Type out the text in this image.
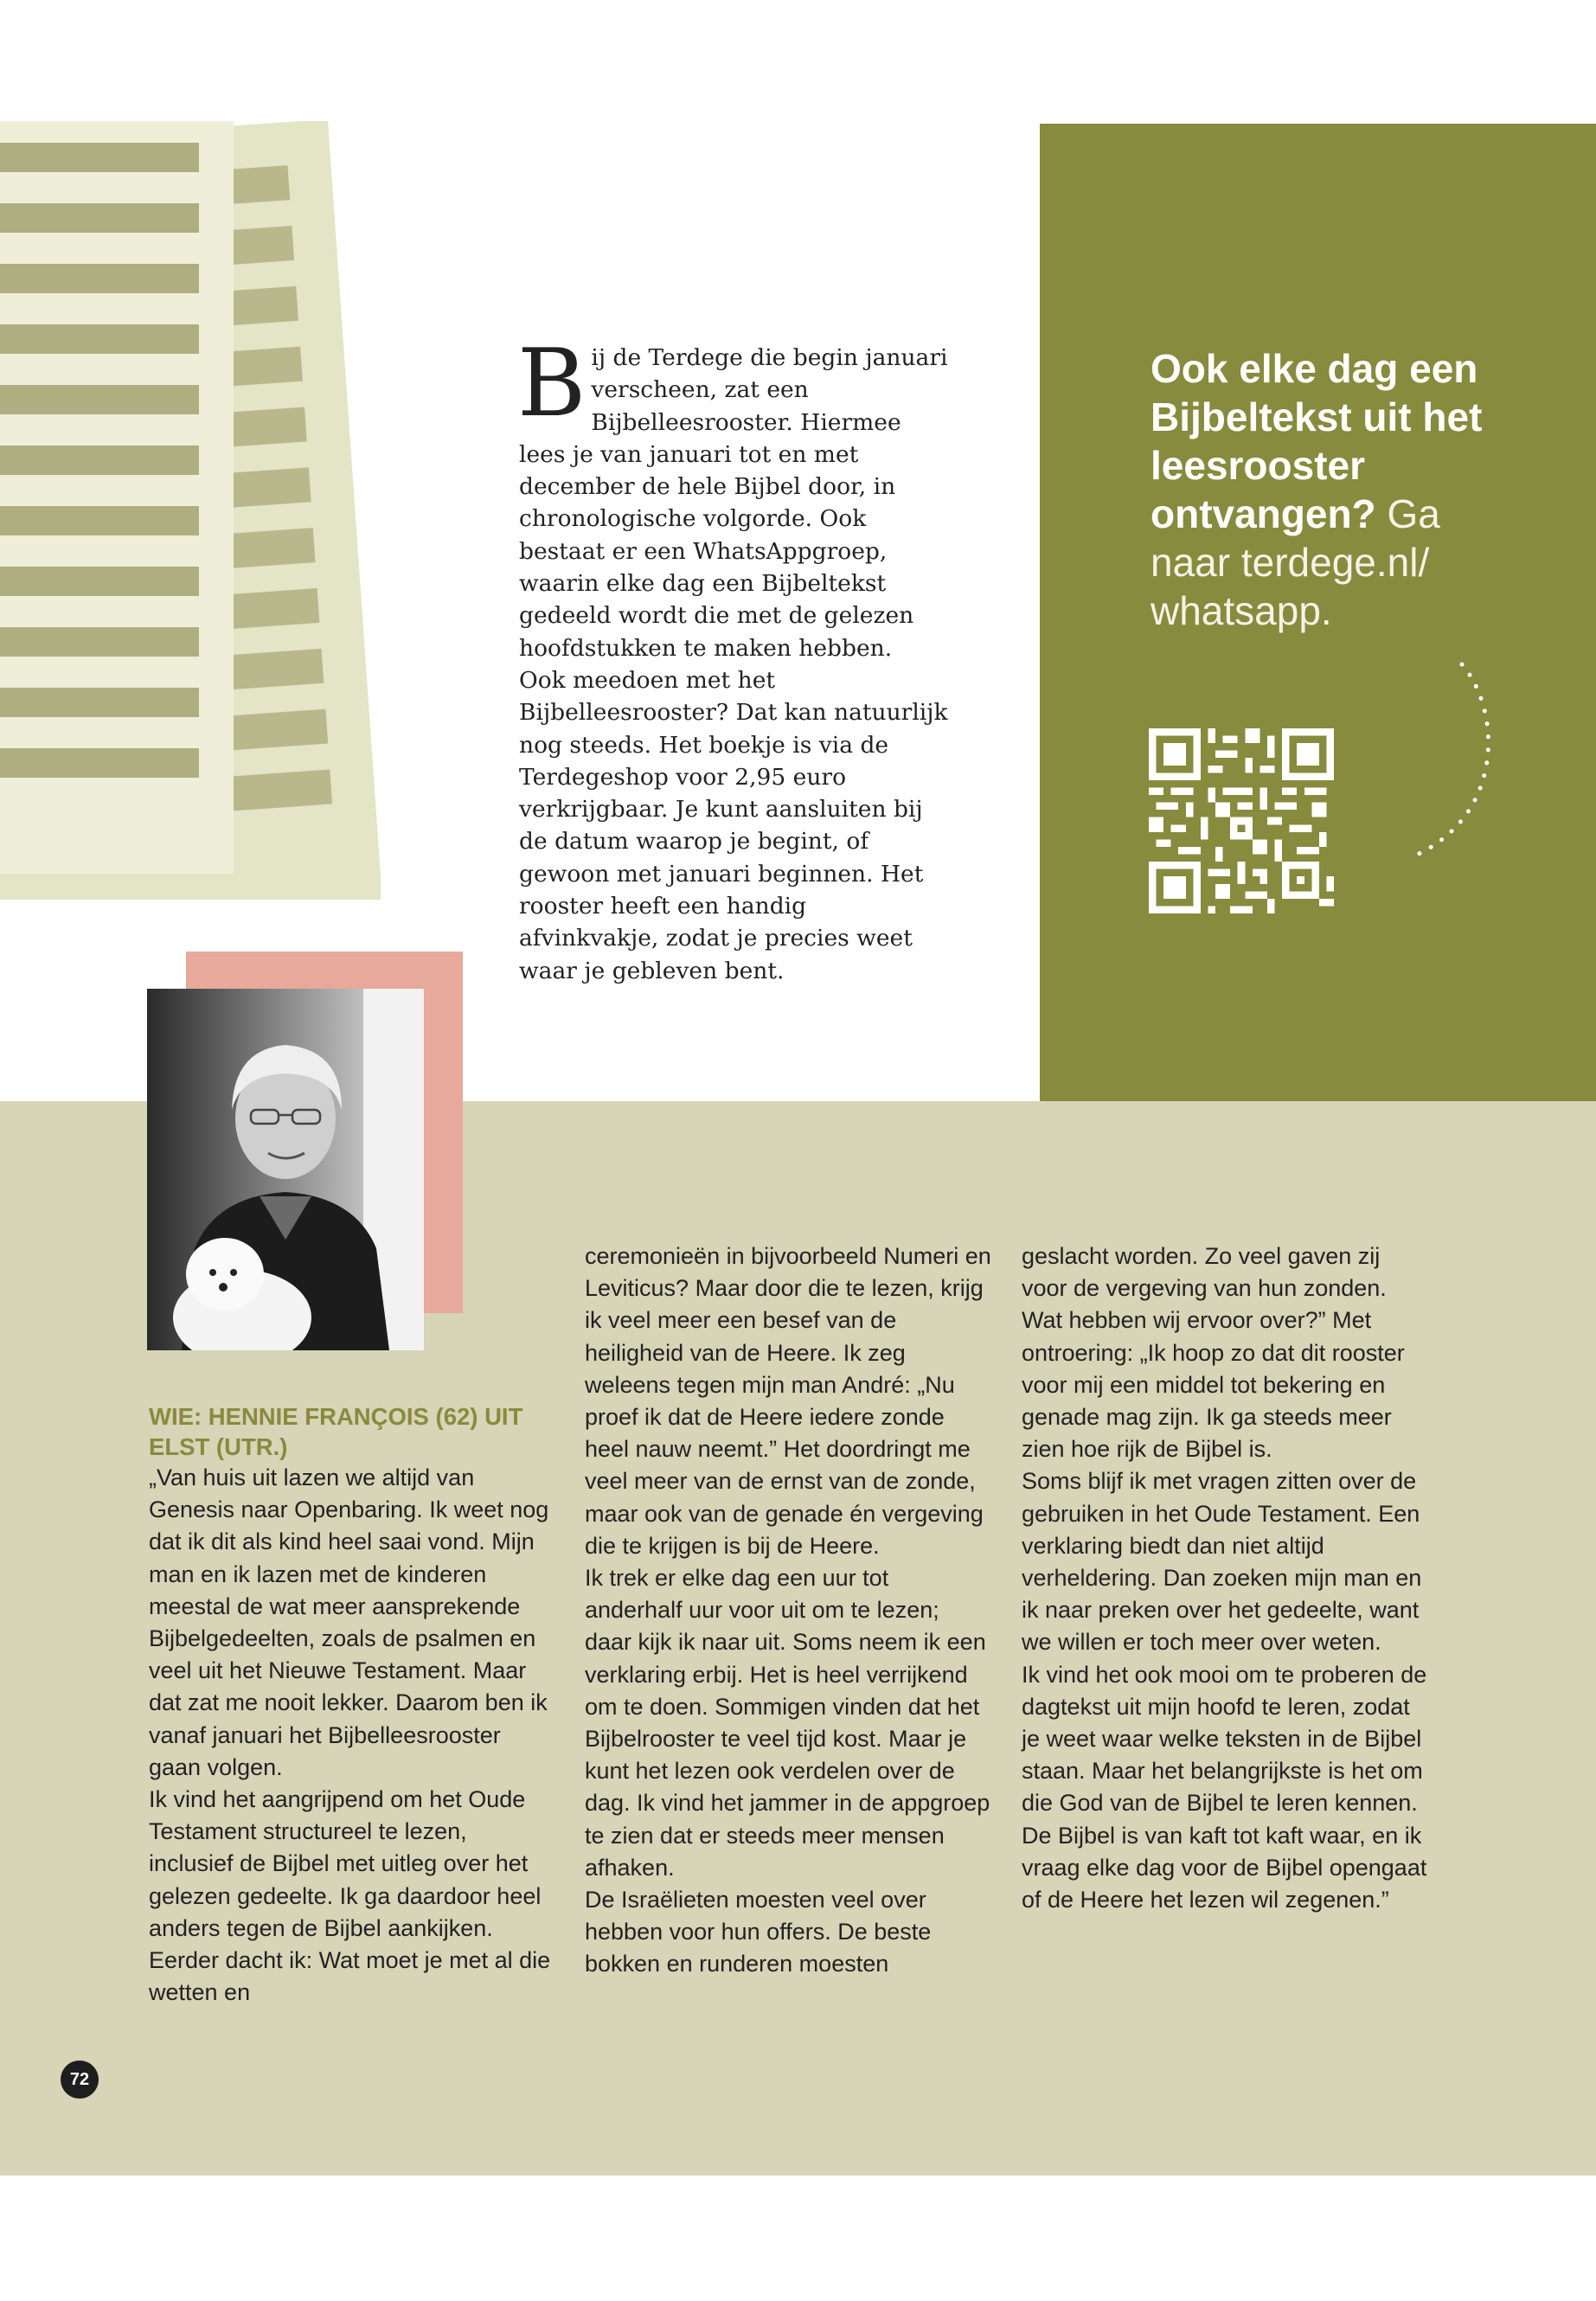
B ij de Terdege die begin januari verscheen, zat een Bijbelleesrooster. Hiermee lees je van januari tot en met december de hele Bijbel door, in chronologische volgorde. Ook bestaat er een WhatsAppgroep, waarin elke dag een Bijbeltekst gedeeld wordt die met de gelezen hoofdstukken te maken hebben.

Ook meedoen met het Bijbelleesrooster? Dat kan natuurlijk nog steeds. Het boekje is via de Terdegeshop voor 2,95 euro verkrijgbaar. Je kunt aansluiten bij de datum waarop je begint, of gewoon met januari beginnen. Het rooster heeft een handig afvinkvakje, zodat je precies weet waar je gebleven bent.

Ook elke dag een Bijbeltekst uit het leesrooster ontvangen? Ga naar terdege.nl/ whatsapp.

WIE: HENNIE FRANÇOIS (62) UIT ELST (UTR.)

„Van huis uit lazen we altijd van Genesis naar Openbaring. Ik weet nog dat ik dit als kind heel saai vond. Mijn man en ik lazen met de kinderen meestal de wat meer aansprekende Bijbelgedeelten, zoals de psalmen en veel uit het Nieuwe Testament. Maar dat zat me nooit lekker. Daarom ben ik vanaf januari het Bijbelleesrooster gaan volgen.

Ik vind het aangrijpend om het Oude Testament structureel te lezen, inclusief de Bijbel met uitleg over het gelezen gedeelte. Ik ga daardoor heel anders tegen de Bijbel aankijken. Eerder dacht ik: Wat moet je met al die wetten en

ceremonieën in bijvoorbeeld Numeri en Leviticus? Maar door die te lezen, krijg ik veel meer een besef van de heiligheid van de Heere. Ik zeg weleens tegen mijn man André: „Nu proef ik dat de Heere iedere zonde heel nauw neemt.” Het doordringt me veel meer van de ernst van de zonde, maar ook van de genade én vergeving die te krijgen is bij de Heere.

Ik trek er elke dag een uur tot anderhalf uur voor uit om te lezen; daar kijk ik naar uit. Soms neem ik een verklaring erbij. Het is heel verrijkend om te doen. Sommigen vinden dat het Bijbelrooster te veel tijd kost. Maar je kunt het lezen ook verdelen over de dag. Ik vind het jammer in de appgroep te zien dat er steeds meer mensen afhaken.

De Israëlieten moesten veel over hebben voor hun offers. De beste bokken en runderen moesten

geslacht worden. Zo veel gaven zij voor de vergeving van hun zonden. Wat hebben wij ervoor over?” Met ontroering: „Ik hoop zo dat dit rooster voor mij een middel tot bekering en genade mag zijn. Ik ga steeds meer zien hoe rijk de Bijbel is.

Soms blijf ik met vragen zitten over de gebruiken in het Oude Testament. Een verklaring biedt dan niet altijd verheldering. Dan zoeken mijn man en ik naar preken over het gedeelte, want we willen er toch meer over weten.

Ik vind het ook mooi om te proberen de dagtekst uit mijn hoofd te leren, zodat je weet waar welke teksten in de Bijbel staan. Maar het belangrijkste is het om die God van de Bijbel te leren kennen. De Bijbel is van kaft tot kaft waar, en ik vraag elke dag voor de Bijbel opengaat of de Heere het lezen wil zegenen.”

72
